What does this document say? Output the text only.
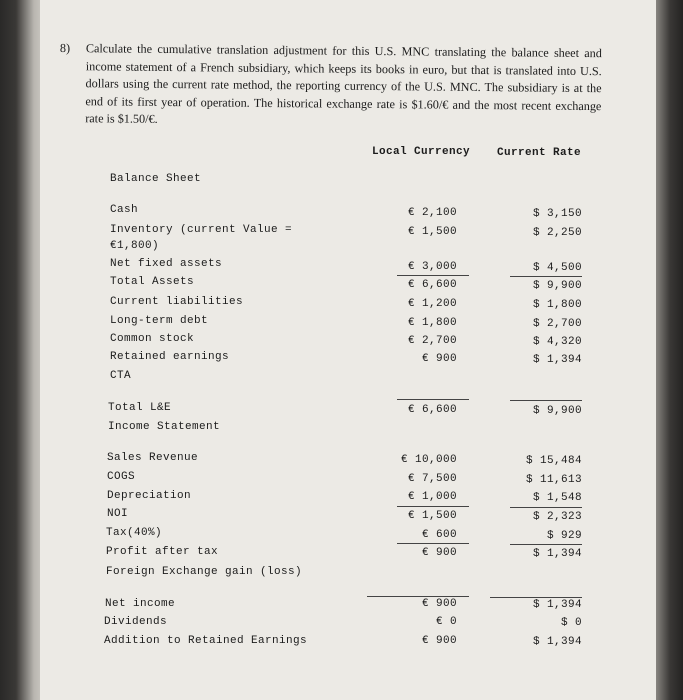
8) Calculate the cumulative translation adjustment for this U.S. MNC translating the balance sheet and income statement of a French subsidiary, which keeps its books in euro, but that is translated into U.S. dollars using the current rate method, the reporting currency of the U.S. MNC. The subsidiary is at the end of its first year of operation. The historical exchange rate is $1.60/€ and the most recent exchange rate is $1.50/€.
Local Currency Current Rate
Balance Sheet
Cash	€ 2,100	$ 3,150
Inventory (current Value =
€1,800)
€ 1,500	$ 2,250
Net fixed assets	€ 3,000	$ 4,500
Total Assets	€ 6,600	$ 9,900
Current liabilities	€ 1,200	$ 1,800
Long-term debt	€ 1,800	$ 2,700
Common stock	€ 2,700	$ 4,320
Retained earnings	€ 900	$ 1,394
CTA
Total L&E	€ 6,600	$ 9,900
Income Statement
Sales Revenue	€ 10,000	$ 15,484
COGS	€ 7,500	$ 11,613
Depreciation	€ 1,000	$ 1,548
NOI	€ 1,500	$ 2,323
Tax(40%)	€ 600	$ 929
Profit after tax	€ 900	$ 1,394
Foreign Exchange gain (loss)
Net income	€ 900	$ 1,394
Dividends	€ 0	$ 0
Addition to Retained Earnings	€ 900	$ 1,394
